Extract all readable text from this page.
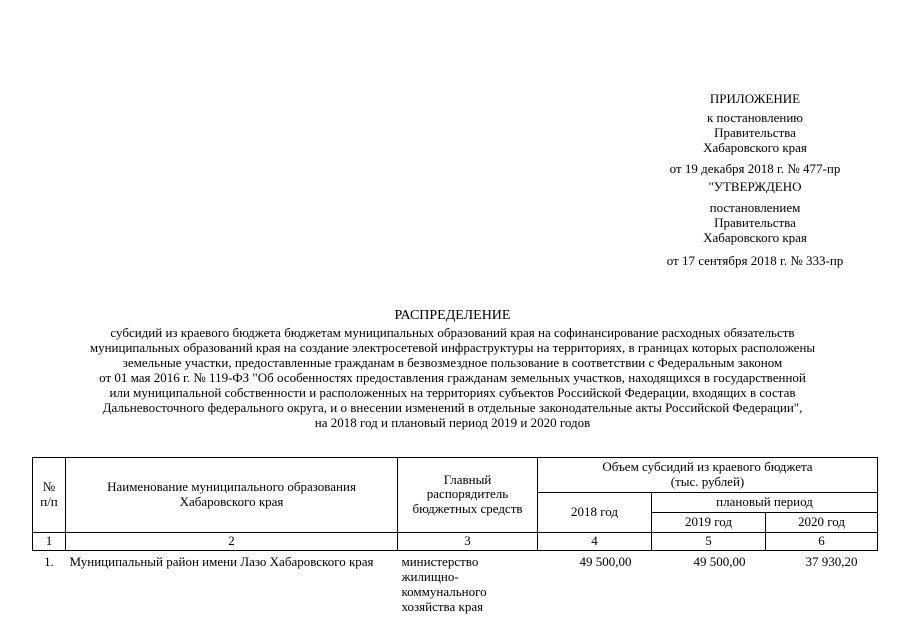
ПРИЛОЖЕНИЕ
к постановлению
Правительства
Хабаровского края
от 19 декабря 2018 г. № 477-пр
"УТВЕРЖДЕНО
постановлением
Правительства
Хабаровского края
от 17 сентября 2018 г. № 333-пр
РАСПРЕДЕЛЕНИЕ
субсидий из краевого бюджета бюджетам муниципальных образований края на софинансирование расходных обязательств
муниципальных образований края на создание электросетевой инфраструктуры на территориях, в границах которых расположены
земельные участки, предоставленные гражданам в безвозмездное пользование в соответствии с Федеральным законом
от 01 мая 2016 г. № 119-ФЗ "Об особенностях предоставления гражданам земельных участков, находящихся в государственной
или муниципальной собственности и расположенных на территориях субъектов Российской Федерации, входящих в состав
Дальневосточного федерального округа, и о внесении изменений в отдельные законодательные акты Российской Федерации",
на 2018 год и плановый период 2019 и 2020 годов
№
п/п	Наименование муниципального образования Хабаровского края	Главный распорядитель бюджетных средств	Объем субсидий из краевого бюджета
(тыс. рублей)		
			2018 год	плановый период	
				2019 год	2020 год
1	2	3	4	5	6
1.	Муниципальный район имени Лазо Хабаровского края	министерство жилищно-коммунального хозяйства края	49 500,00	49 500,00	37 930,20
